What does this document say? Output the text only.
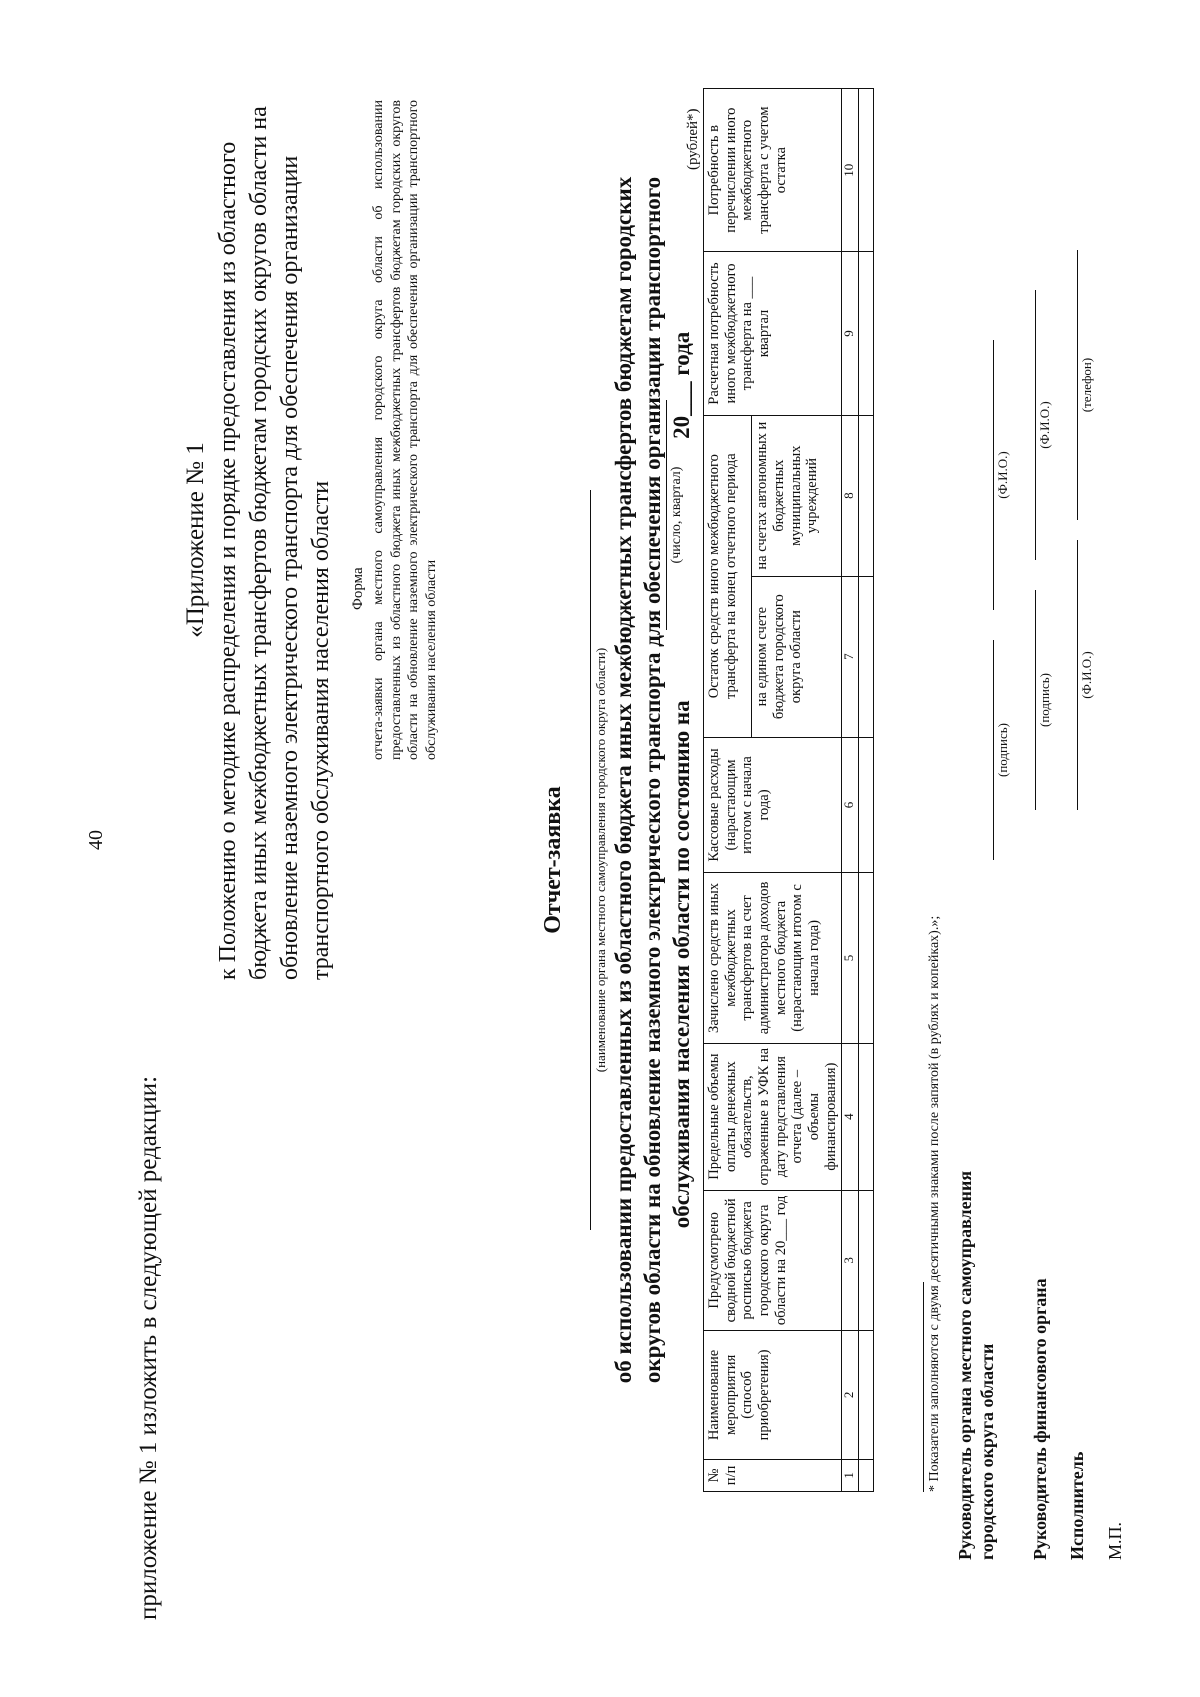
40
приложение № 1 изложить в следующей редакции:
«Приложение № 1 к Положению о методике распределения и порядке предоставления из областного бюджета иных межбюджетных трансфертов бюджетам городских округов области на обновление наземного электрического транспорта для обеспечения организации транспортного обслуживания населения области Форма отчета-заявки органа местного самоуправления городского округа области об использовании предоставленных из областного бюджета иных межбюджетных трансфертов бюджетам городских округов области на обновление наземного электрического транспорта для обеспечения организации транспортного обслуживания населения области
Отчет-заявка (наименование органа местного самоуправления городского округа области) об использовании предоставленных из областного бюджета иных межбюджетных трансфертов бюджетам городских округов области на обновление наземного электрического транспорта для обеспечения организации транспортного обслуживания населения области по состоянию на  20___ года
(число, квартал)
(рублей*)
№ п/п	Наименование мероприятия (способ приобретения)	Предусмотрено сводной бюджетной росписью бюджета городского округа области на 20___ год	Предельные объемы оплаты денежных обязательств, отраженные в УФК на дату представления отчета (далее – объемы финансирования)	Зачислено средств иных межбюджетных трансфертов на счет администратора доходов местного бюджета (нарастающим итогом с начала года)	Кассовые расходы (нарастающим итогом с начала года)	Остаток средств иного межбюджетного трансферта на конец отчетного периода		Расчетная потребность иного межбюджетного трансферта на ___ квартал	Потребность в перечислении иного межбюджетного трансферта с учетом остатка
						на едином счете бюджета городского округа области	на счетах автономных и бюджетных муниципальных учреждений		
1	2	3	4	5	6	7	8	9	10

* Показатели заполняются с двумя десятичными знаками после запятой (в рублях и копейках).»; Руководитель органа местного самоуправления городского округа области
(подпись)
(Ф.И.О.)
Руководитель финансового органа
(подпись)
(Ф.И.О.)
Исполнитель
(Ф.И.О.)
(телефон)
М.П.
